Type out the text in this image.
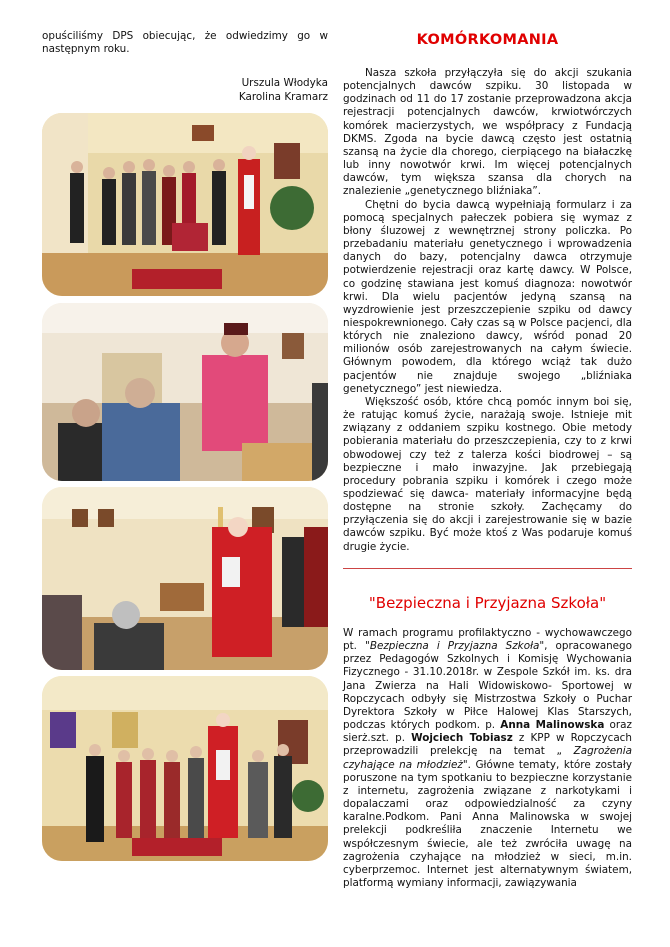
opuściliśmy DPS obiecując, że odwiedzimy go w następnym roku.

Urszula Włodyka
Karolina Kramarz
KOMÓRKOMANIA

Nasza szkoła przyłączyła się do akcji szukania potencjalnych dawców szpiku. 30 listopada w godzinach od 11 do 17 zostanie przeprowadzona akcja rejestracji potencjalnych dawców, krwiotwórczych komórek macierzystych, we współpracy z Fundacją DKMS. Zgoda na bycie dawcą często jest ostatnią szansą na życie dla chorego, cierpiącego na białaczkę lub inny nowotwór krwi. Im więcej potencjalnych dawców, tym większa szansa dla chorych na znalezienie „genetycznego bliźniaka”.

Chętni do bycia dawcą wypełniają formularz i za pomocą specjalnych pałeczek pobiera się wymaz z błony śluzowej z wewnętrznej strony policzka. Po przebadaniu materiału genetycznego i wprowadzenia danych do bazy, potencjalny dawca otrzymuje potwierdzenie rejestracji oraz kartę dawcy. W Polsce, co godzinę stawiana jest komuś diagnoza: nowotwór krwi. Dla wielu pacjentów jedyną szansą na wyzdrowienie jest przeszczepienie szpiku od dawcy niespokrewnionego. Cały czas są w Polsce pacjenci, dla których nie znaleziono dawcy, wśród ponad 20 milionów osób zarejestrowanych na całym świecie. Głównym powodem, dla którego wciąż tak dużo pacjentów nie znajduje swojego „bliźniaka genetycznego” jest niewiedza.

Większość osób, które chcą pomóc innym boi się, że ratując komuś życie, narażają swoje. Istnieje mit związany z oddaniem szpiku kostnego. Obie metody pobierania materiału do przeszczepienia, czy to z krwi obwodowej czy też z talerza kości biodrowej – są bezpieczne i mało inwazyjne. Jak przebiegają procedury pobrania szpiku i komórek i czego może spodziewać się dawca- materiały informacyjne będą dostępne na stronie szkoły. Zachęcamy do przyłączenia się do akcji i zarejestrowanie się w bazie dawców szpiku. Być może ktoś z Was podaruje komuś drugie życie.

"Bezpieczna i Przyjazna Szkoła"

W ramach programu profilaktyczno - wychowawczego pt. "Bezpieczna i Przyjazna Szkoła", opracowanego przez Pedagogów Szkolnych i Komisję Wychowania Fizycznego - 31.10.2018r. w Zespole Szkół im. ks. dra Jana Zwierza na Hali Widowiskowo- Sportowej w Ropczycach odbyły się Mistrzostwa Szkoły o Puchar Dyrektora Szkoły w Piłce Halowej Klas Starszych, podczas których podkom. p. Anna Malinowska oraz sierż.szt. p. Wojciech Tobiasz z KPP w Ropczycach przeprowadzili prelekcję na temat „ Zagrożenia czyhające na młodzież". Główne tematy, które zostały poruszone na tym spotkaniu to bezpieczne korzystanie z internetu, zagrożenia związane z narkotykami i dopalaczami oraz odpowiedzialność za czyny karalne.Podkom. Pani Anna Malinowska w swojej prelekcji podkreśliła znaczenie Internetu we współczesnym świecie, ale też zwróciła uwagę na zagrożenia czyhające na młodzież w sieci, m.in. cyberprzemoc. Internet jest alternatywnym światem, platformą wymiany informacji, zawiązywania
